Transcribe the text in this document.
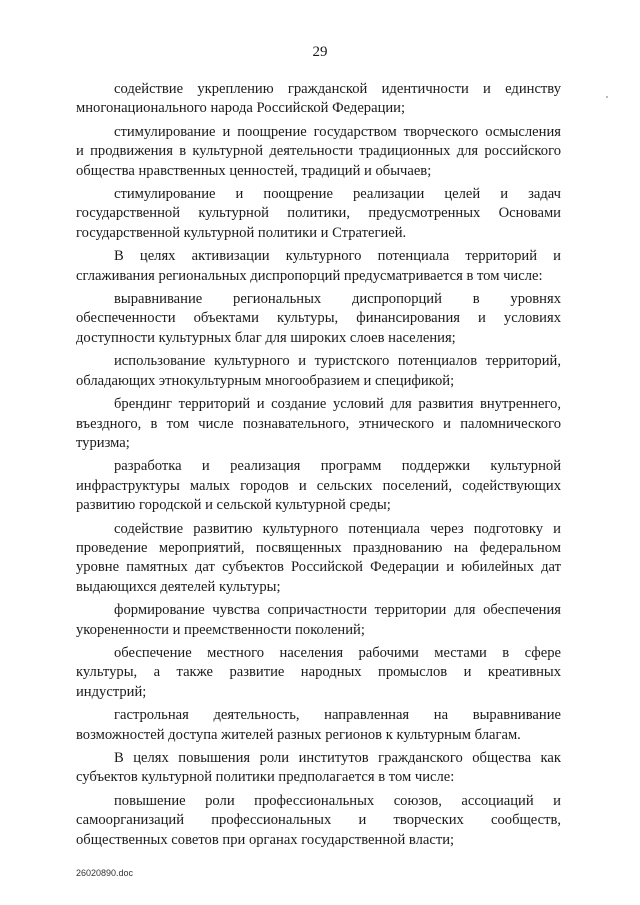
29
содействие укреплению гражданской идентичности и единству
многонационального народа Российской Федерации;
стимулирование и поощрение государством творческого осмысления
и продвижения в культурной деятельности традиционных для российского
общества нравственных ценностей, традиций и обычаев;
стимулирование и поощрение реализации целей и задач
государственной культурной политики, предусмотренных Основами
государственной культурной политики и Стратегией.
В целях активизации культурного потенциала территорий и
сглаживания региональных диспропорций предусматривается в том числе:
выравнивание региональных диспропорций в уровнях
обеспеченности объектами культуры, финансирования и условиях
доступности культурных благ для широких слоев населения;
использование культурного и туристского потенциалов территорий,
обладающих этнокультурным многообразием и спецификой;
брендинг территорий и создание условий для развития внутреннего,
въездного, в том числе познавательного, этнического и паломнического
туризма;
разработка и реализация программ поддержки культурной
инфраструктуры малых городов и сельских поселений, содействующих
развитию городской и сельской культурной среды;
содействие развитию культурного потенциала через подготовку и
проведение мероприятий, посвященных празднованию на федеральном
уровне памятных дат субъектов Российской Федерации и юбилейных дат
выдающихся деятелей культуры;
формирование чувства сопричастности территории для обеспечения
укорененности и преемственности поколений;
обеспечение местного населения рабочими местами в сфере
культуры, а также развитие народных промыслов и креативных
индустрий;
гастрольная деятельность, направленная на выравнивание
возможностей доступа жителей разных регионов к культурным благам.
В целях повышения роли институтов гражданского общества как
субъектов культурной политики предполагается в том числе:
повышение роли профессиональных союзов, ассоциаций и
самоорганизаций профессиональных и творческих сообществ,
общественных советов при органах государственной власти;
26020890.doc
